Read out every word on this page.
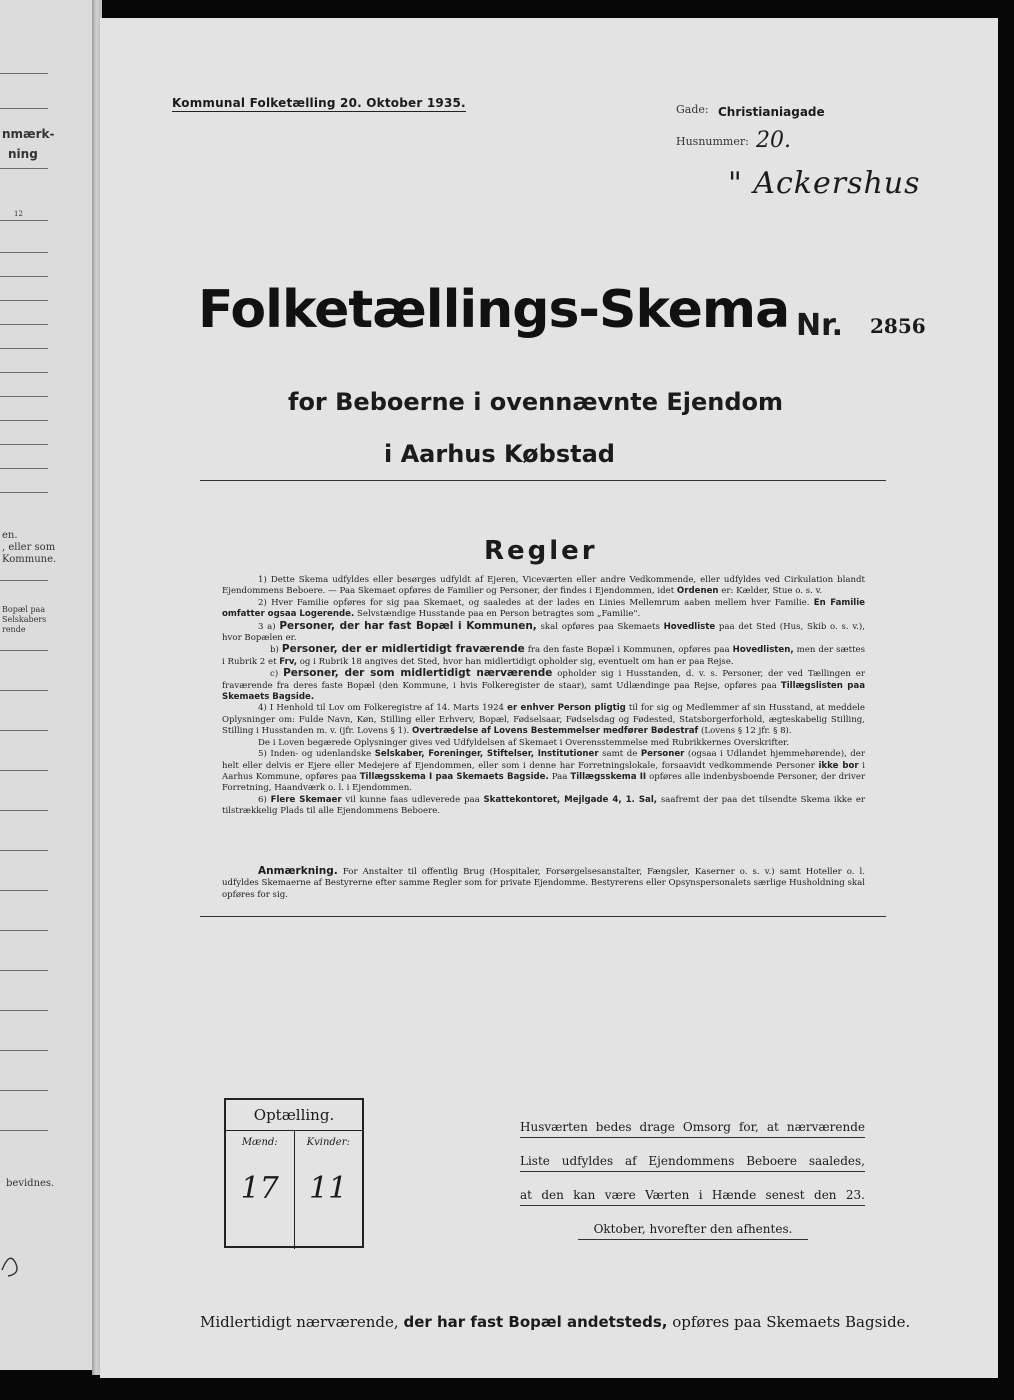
nmærk-
ning
12
en.
, eller som
Kommune.
Bopæl paa
Selskabers
rende
bevidnes.
Kommunal Folketælling 20. Oktober 1935.	Gade: Christianiagade
Husnummer: 20.
" Ackershus
Folketællings-Skema Nr. 2856
for Beboerne i ovennævnte Ejendom
i Aarhus Købstad
Regler

1) Dette Skema udfyldes eller besørges udfyldt af Ejeren, Viceværten eller andre Vedkommende, eller udfyldes ved Cirkulation blandt Ejendommens Beboere. — Paa Skemaet opføres de Familier og Personer, der findes i Ejendommen, idet Ordenen er: Kælder, Stue o. s. v.

2) Hver Familie opføres for sig paa Skemaet, og saaledes at der lades en Linies Mellemrum aaben mellem hver Familie. En Familie omfatter ogsaa Logerende. Selvstændige Husstande paa en Person betragtes som „Familie".

3 a) Personer, der har fast Bopæl i Kommunen, skal opføres paa Skemaets Hovedliste paa det Sted (Hus, Skib o. s. v.), hvor Bopælen er.

b) Personer, der er midlertidigt fraværende fra den faste Bopæl i Kommunen, opføres paa Hovedlisten, men der sættes i Rubrik 2 et Frv, og i Rubrik 18 angives det Sted, hvor han midlertidigt opholder sig, eventuelt om han er paa Rejse.

c) Personer, der som midlertidigt nærværende opholder sig i Husstanden, d. v. s. Personer, der ved Tællingen er fraværende fra deres faste Bopæl (den Kommune, i hvis Folkeregister de staar), samt Udlændinge paa Rejse, opføres paa Tillægslisten paa Skemaets Bagside.

4) I Henhold til Lov om Folkeregistre af 14. Marts 1924 er enhver Person pligtig til for sig og Medlemmer af sin Husstand, at meddele Oplysninger om: Fulde Navn, Køn, Stilling eller Erhverv, Bopæl, Fødselsaar, Fødselsdag og Fødested, Statsborgerforhold, ægteskabelig Stilling, Stilling i Husstanden m. v. (jfr. Lovens § 1). Overtrædelse af Lovens Bestemmelser medfører Bødestraf (Lovens § 12 jfr. § 8).

De i Loven begærede Oplysninger gives ved Udfyldelsen af Skemaet i Overensstemmelse med Rubrikkernes Overskrifter.

5) Inden- og udenlandske Selskaber, Foreninger, Stiftelser, Institutioner samt de Personer (ogsaa i Udlandet hjemmehørende), der helt eller delvis er Ejere eller Medejere af Ejendommen, eller som i denne har Forretningslokale, forsaavidt vedkommende Personer ikke bor i Aarhus Kommune, opføres paa Tillægsskema I paa Skemaets Bagside. Paa Tillægsskema II opføres alle indenbysboende Personer, der driver Forretning, Haandværk o. l. i Ejendommen.

6) Flere Skemaer vil kunne faas udleverede paa Skattekontoret, Mejlgade 4, 1. Sal, saafremt der paa det tilsendte Skema ikke er tilstrækkelig Plads til alle Ejendommens Beboere.

Anmærkning. For Anstalter til offentlig Brug (Hospitaler, Forsørgelsesanstalter, Fængsler, Kaserner o. s. v.) samt Hoteller o. l. udfyldes Skemaerne af Bestyrerne efter samme Regler som for private Ejendomme. Bestyrerens eller Opsynspersonalets særlige Husholdning skal opføres for sig.
Optælling.
Mænd:
17
Kvinder:
11
Husværten bedes drage Omsorg for, at nærværende
Liste udfyldes af Ejendommens Beboere saaledes,
at den kan være Værten i Hænde senest den 23.
Oktober, hvorefter den afhentes.
Midlertidigt nærværende, der har fast Bopæl andetsteds, opføres paa Skemaets Bagside.
